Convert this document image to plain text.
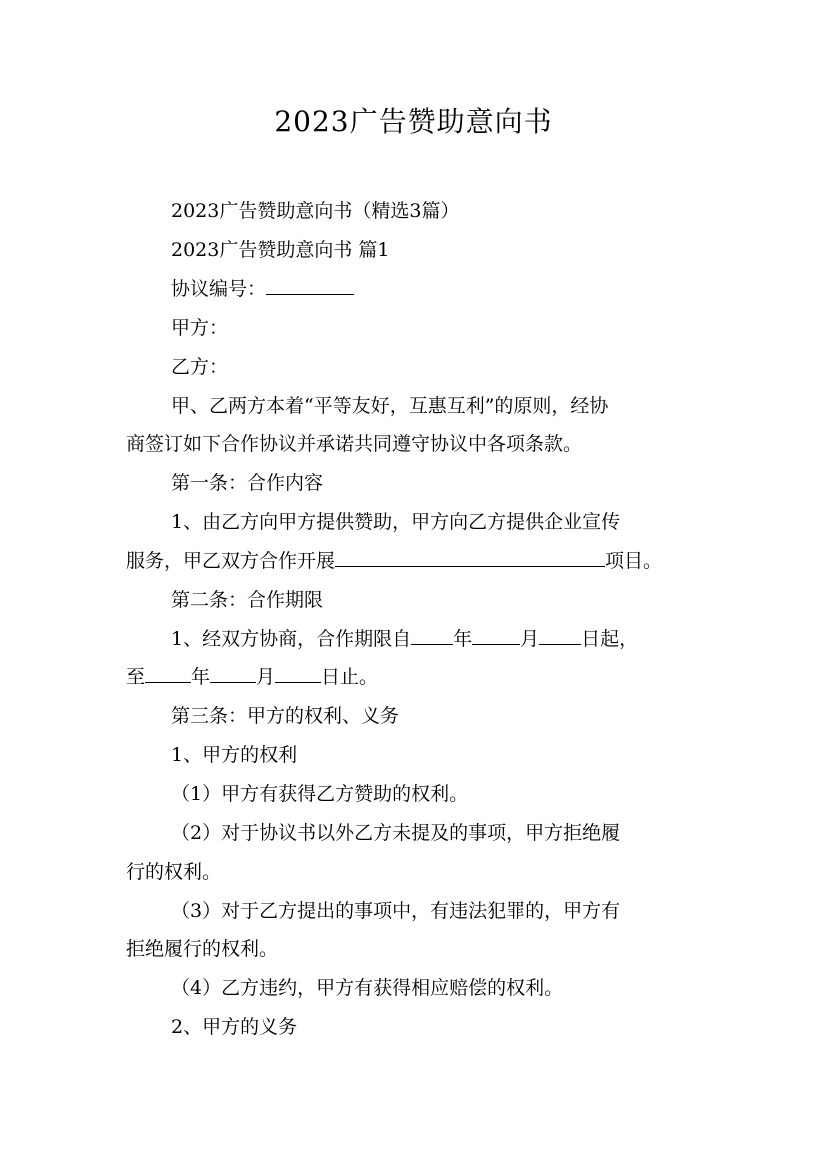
2023广告赞助意向书
2023广告赞助意向书（精选3篇）
2023广告赞助意向书 篇1
协议编号：
甲方：
乙方：
甲、乙两方本着“平等友好，互惠互利”的原则，经协
商签订如下合作协议并承诺共同遵守协议中各项条款。
第一条：合作内容
1、由乙方向甲方提供赞助，甲方向乙方提供企业宣传
服务，甲乙双方合作开展	项目。
第二条：合作期限
1、经双方协商，合作期限自 年	月 日起，
至 年 月 日止。
第三条：甲方的权利、义务
1、甲方的权利
（1）甲方有获得乙方赞助的权利。
（2）对于协议书以外乙方未提及的事项，甲方拒绝履
行的权利。
（3）对于乙方提出的事项中，有违法犯罪的，甲方有
拒绝履行的权利。
（4）乙方违约，甲方有获得相应赔偿的权利。
2、甲方的义务
